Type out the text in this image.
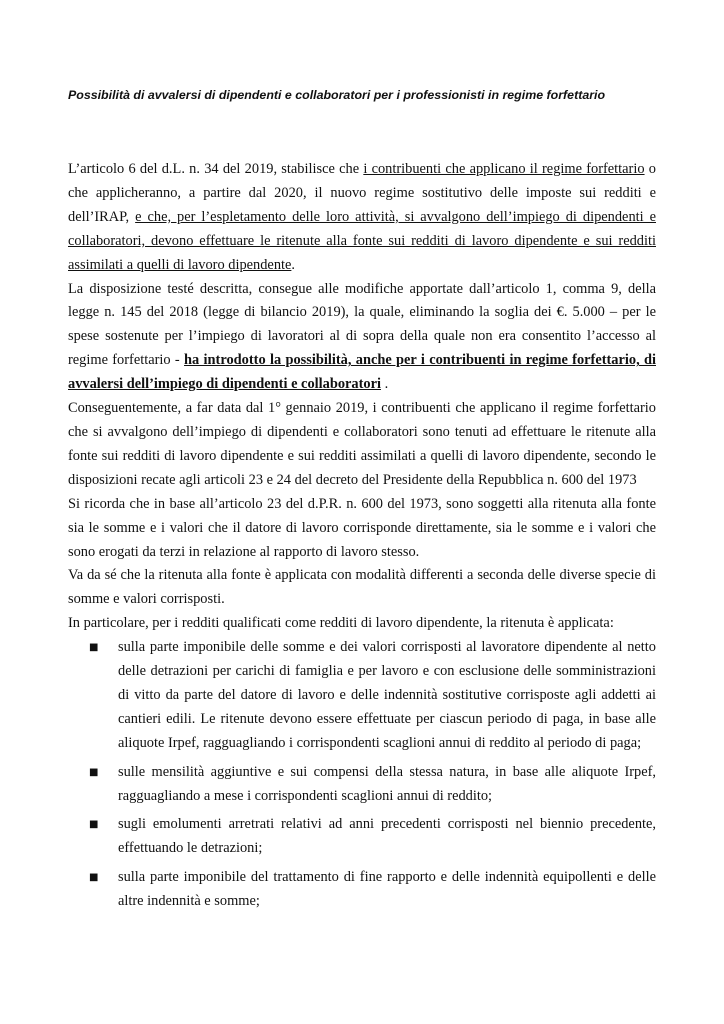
Possibilità di avvalersi di dipendenti e collaboratori per i professionisti in regime forfettario

L’articolo 6 del d.L. n. 34 del 2019, stabilisce che i contribuenti che applicano il regime forfettario o che applicheranno, a partire dal 2020, il nuovo regime sostitutivo delle imposte sui redditi e dell’IRAP, e che, per l’espletamento delle loro attività, si avvalgono dell’impiego di dipendenti e collaboratori, devono effettuare le ritenute alla fonte sui redditi di lavoro dipendente e sui redditi assimilati a quelli di lavoro dipendente.

La disposizione testé descritta, consegue alle modifiche apportate dall’articolo 1, comma 9, della legge n. 145 del 2018 (legge di bilancio 2019), la quale, eliminando la soglia dei €. 5.000 – per le spese sostenute per l’impiego di lavoratori al di sopra della quale non era consentito l’accesso al regime forfettario - ha introdotto la possibilità, anche per i contribuenti in regime forfettario, di avvalersi dell’impiego di dipendenti e collaboratori .

Conseguentemente, a far data dal 1° gennaio 2019, i contribuenti che applicano il regime forfettario che si avvalgono dell’impiego di dipendenti e collaboratori sono tenuti ad effettuare le ritenute alla fonte sui redditi di lavoro dipendente e sui redditi assimilati a quelli di lavoro dipendente, secondo le disposizioni recate agli articoli 23 e 24 del decreto del Presidente della Repubblica n. 600 del 1973

Si ricorda che in base all’articolo 23 del d.P.R. n. 600 del 1973, sono soggetti alla ritenuta alla fonte sia le somme e i valori che il datore di lavoro corrisponde direttamente, sia le somme e i valori che sono erogati da terzi in relazione al rapporto di lavoro stesso.

Va da sé che la ritenuta alla fonte è applicata con modalità differenti a seconda delle diverse specie di somme e valori corrisposti.

In particolare, per i redditi qualificati come redditi di lavoro dipendente, la ritenuta è applicata:

■ sulla parte imponibile delle somme e dei valori corrisposti al lavoratore dipendente al netto delle detrazioni per carichi di famiglia e per lavoro e con esclusione delle somministrazioni di vitto da parte del datore di lavoro e delle indennità sostitutive corrisposte agli addetti ai cantieri edili. Le ritenute devono essere effettuate per ciascun periodo di paga, in base alle aliquote Irpef, ragguagliando i corrispondenti scaglioni annui di reddito al periodo di paga;
■ sulle mensilità aggiuntive e sui compensi della stessa natura, in base alle aliquote Irpef, ragguagliando a mese i corrispondenti scaglioni annui di reddito;
■ sugli emolumenti arretrati relativi ad anni precedenti corrisposti nel biennio precedente, effettuando le detrazioni;
■ sulla parte imponibile del trattamento di fine rapporto e delle indennità equipollenti e delle altre indennità e somme;
